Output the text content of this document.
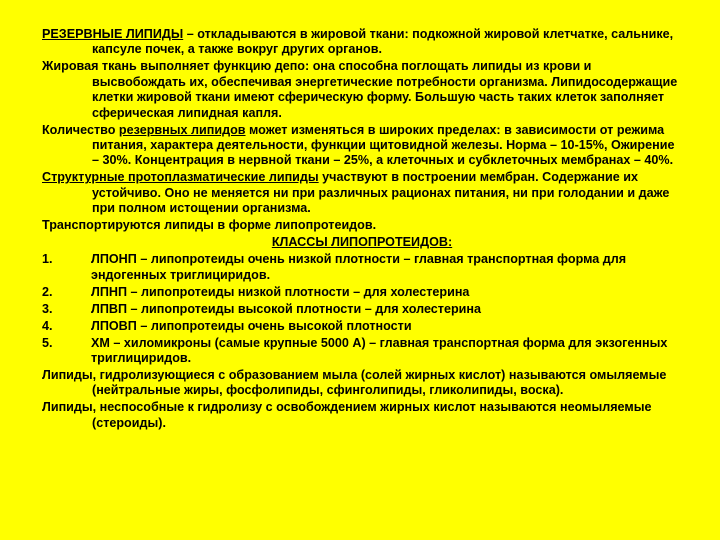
РЕЗЕРВНЫЕ ЛИПИДЫ – откладываются в жировой ткани: подкожной жировой клетчатке, сальнике, капсуле почек, а также вокруг других органов.

Жировая ткань выполняет функцию депо: она способна поглощать липиды из крови и высвобождать их, обеспечивая энергетические потребности организма. Липидосодержащие клетки жировой ткани имеют сферическую форму. Большую часть таких клеток заполняет сферическая липидная капля.

Количество резервных липидов может изменяться в широких пределах: в зависимости от режима питания, характера деятельности, функции щитовидной железы. Норма – 10-15%, Ожирение – 30%. Концентрация в нервной ткани – 25%, а клеточных и субклеточных мембранах – 40%.

Структурные протоплазматические липиды участвуют в построении мембран. Содержание их устойчиво. Оно не меняется ни при различных рационах питания, ни при голодании и даже при полном истощении организма.

Транспортируются липиды в форме липопротеидов.

КЛАССЫ ЛИПОПРОТЕИДОВ:

1.	ЛПОНП – липопротеиды очень низкой плотности – главная транспортная форма для эндогенных триглициридов.
2.	ЛПНП – липопротеиды низкой плотности – для холестерина
3.	ЛПВП – липопротеиды высокой плотности – для холестерина
4.	ЛПОВП – липопротеиды очень высокой плотности
5.	ХМ – хиломикроны (самые крупные 5000 А) – главная транспортная форма для экзогенных триглициридов.

Липиды, гидролизующиеся с образованием мыла (солей жирных кислот) называются омыляемые (нейтральные жиры, фосфолипиды, сфинголипиды, гликолипиды, воска).

Липиды, неспособные к гидролизу с освобождением жирных кислот называются неомыляемые (стероиды).
